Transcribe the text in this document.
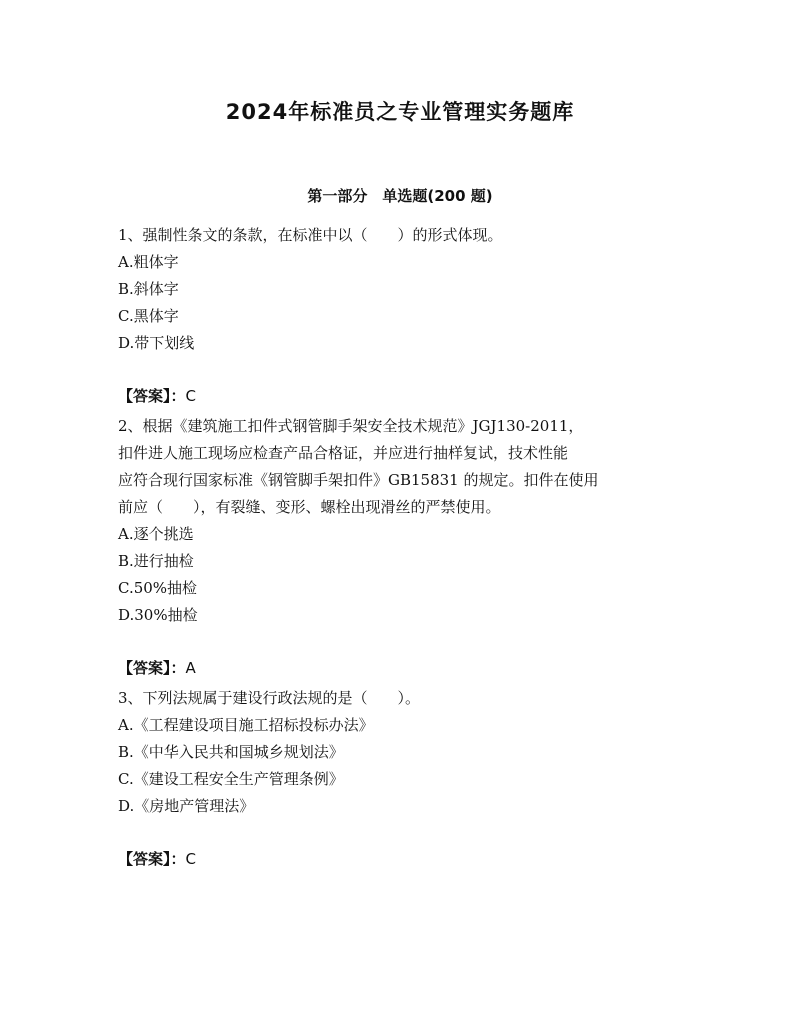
2024年标准员之专业管理实务题库
第一部分　单选题(200 题)
1、强制性条文的条款，在标准中以（　　）的形式体现。
A.粗体字
B.斜体字
C.黑体字
D.带下划线
【答案】：C
2、根据《建筑施工扣件式钢管脚手架安全技术规范》JGJ130-2011，
扣件进人施工现场应检查产品合格证，并应进行抽样复试，技术性能
应符合现行国家标准《钢管脚手架扣件》GB15831 的规定。扣件在使用
前应（　　），有裂缝、变形、螺栓出现滑丝的严禁使用。
A.逐个挑选
B.进行抽检
C.50%抽检
D.30%抽检
【答案】：A
3、下列法规属于建设行政法规的是（　　）。
A.《工程建设项目施工招标投标办法》
B.《中华入民共和国城乡规划法》
C.《建设工程安全生产管理条例》
D.《房地产管理法》
【答案】：C
